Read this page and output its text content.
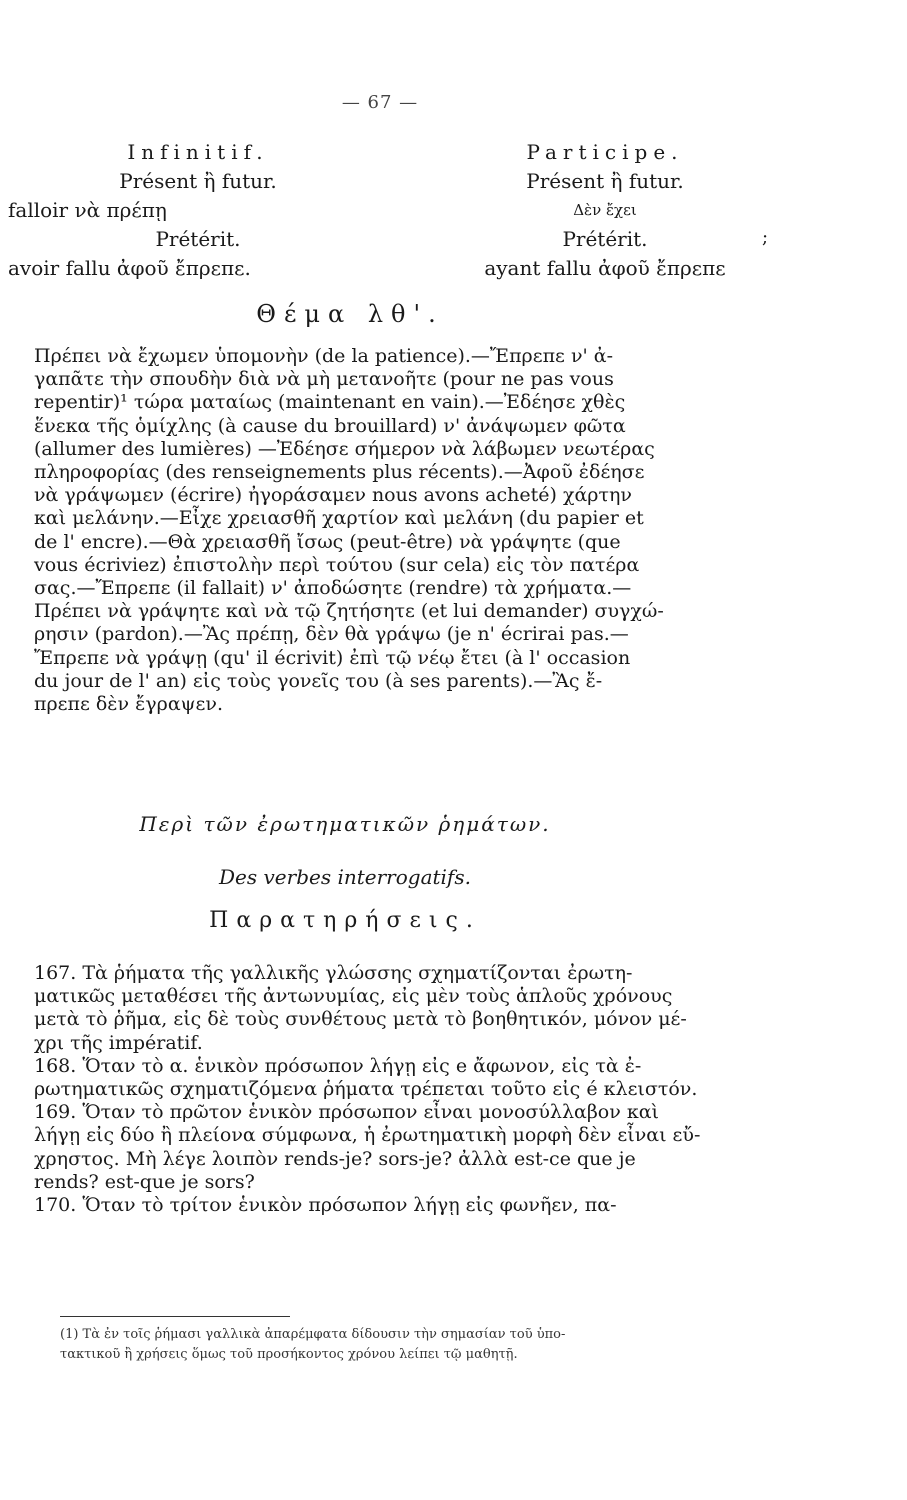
— 67 —
Infinitif.
Présent ἢ futur.
falloir νὰ πρέπῃ
Prétérit.
avoir fallu ἀφοῦ ἔπρεπε.
Participe.
Présent ἢ futur.
Δὲν ἔχει
Prétérit.
ayant fallu ἀφοῦ ἔπρεπε
;
Θέμα λθ'.
Πρέπει νὰ ἔχωμεν ὑπομονὴν (de la patience).—Ἔπρεπε ν' ἀ-
γαπᾶτε τὴν σπουδὴν διὰ νὰ μὴ μετανοῆτε (pour ne pas vous
repentir)¹ τώρα ματαίως (maintenant en vain).—Ἐδέησε χθὲς
ἕνεκα τῆς ὁμίχλης (à cause du brouillard) ν' ἀνάψωμεν φῶτα
(allumer des lumières) —Ἐδέησε σήμερον νὰ λάβωμεν νεωτέρας
πληροφορίας (des renseignements plus récents).—Ἀφοῦ ἐδέησε
νὰ γράψωμεν (écrire) ἠγοράσαμεν nous avons acheté) χάρτην
καὶ μελάνην.—Εἶχε χρειασθῆ χαρτίον καὶ μελάνη (du papier et
de l' encre).—Θὰ χρειασθῆ ἴσως (peut-être) νὰ γράψητε (que
vous écriviez) ἐπιστολὴν περὶ τούτου (sur cela) εἰς τὸν πατέρα
σας.—Ἔπρεπε (il fallait) ν' ἀποδώσητε (rendre) τὰ χρήματα.—
Πρέπει νὰ γράψητε καὶ νὰ τῷ ζητήσητε (et lui demander) συγχώ-
ρησιν (pardon).—Ἂς πρέπῃ, δὲν θὰ γράψω (je n' écrirai pas.—
Ἔπρεπε νὰ γράψῃ (qu' il écrivit) ἐπὶ τῷ νέῳ ἔτει (à l' occasion
du jour de l' an) εἰς τοὺς γονεῖς του (à ses parents).—Ἂς ἔ-
πρεπε δὲν ἔγραψεν.
Περὶ τῶν ἐρωτηματικῶν ῥημάτων.
Des verbes interrogatifs.
Παρατηρήσεις.
167. Τὰ ῥήματα τῆς γαλλικῆς γλώσσης σχηματίζονται ἐρωτη-
ματικῶς μεταθέσει τῆς ἀντωνυμίας, εἰς μὲν τοὺς ἁπλοῦς χρόνους
μετὰ τὸ ῥῆμα, εἰς δὲ τοὺς συνθέτους μετὰ τὸ βοηθητικόν, μόνον μέ-
χρι τῆς impératif.
168. Ὅταν τὸ α. ἑνικὸν πρόσωπον λήγῃ εἰς e ἄφωνον, εἰς τὰ ἐ-
ρωτηματικῶς σχηματιζόμενα ῥήματα τρέπεται τοῦτο εἰς é κλειστόν.
169. Ὅταν τὸ πρῶτον ἑνικὸν πρόσωπον εἶναι μονοσύλλαβον καὶ
λήγῃ εἰς δύο ἢ πλείονα σύμφωνα, ἡ ἐρωτηματικὴ μορφὴ δὲν εἶναι εὔ-
χρηστος. Μὴ λέγε λοιπὸν rends-je? sors-je? ἀλλὰ est-ce que je
rends? est-que je sors?
170. Ὅταν τὸ τρίτον ἑνικὸν πρόσωπον λήγῃ εἰς φωνῆεν, πα-
(1) Τὰ ἐν τοῖς ῥήμασι γαλλικὰ ἀπαρέμφατα δίδουσιν τὴν σημασίαν τοῦ ὑπο-
τακτικοῦ ἢ χρήσεις ὅμως τοῦ προσήκοντος χρόνου λείπει τῷ μαθητῇ.
